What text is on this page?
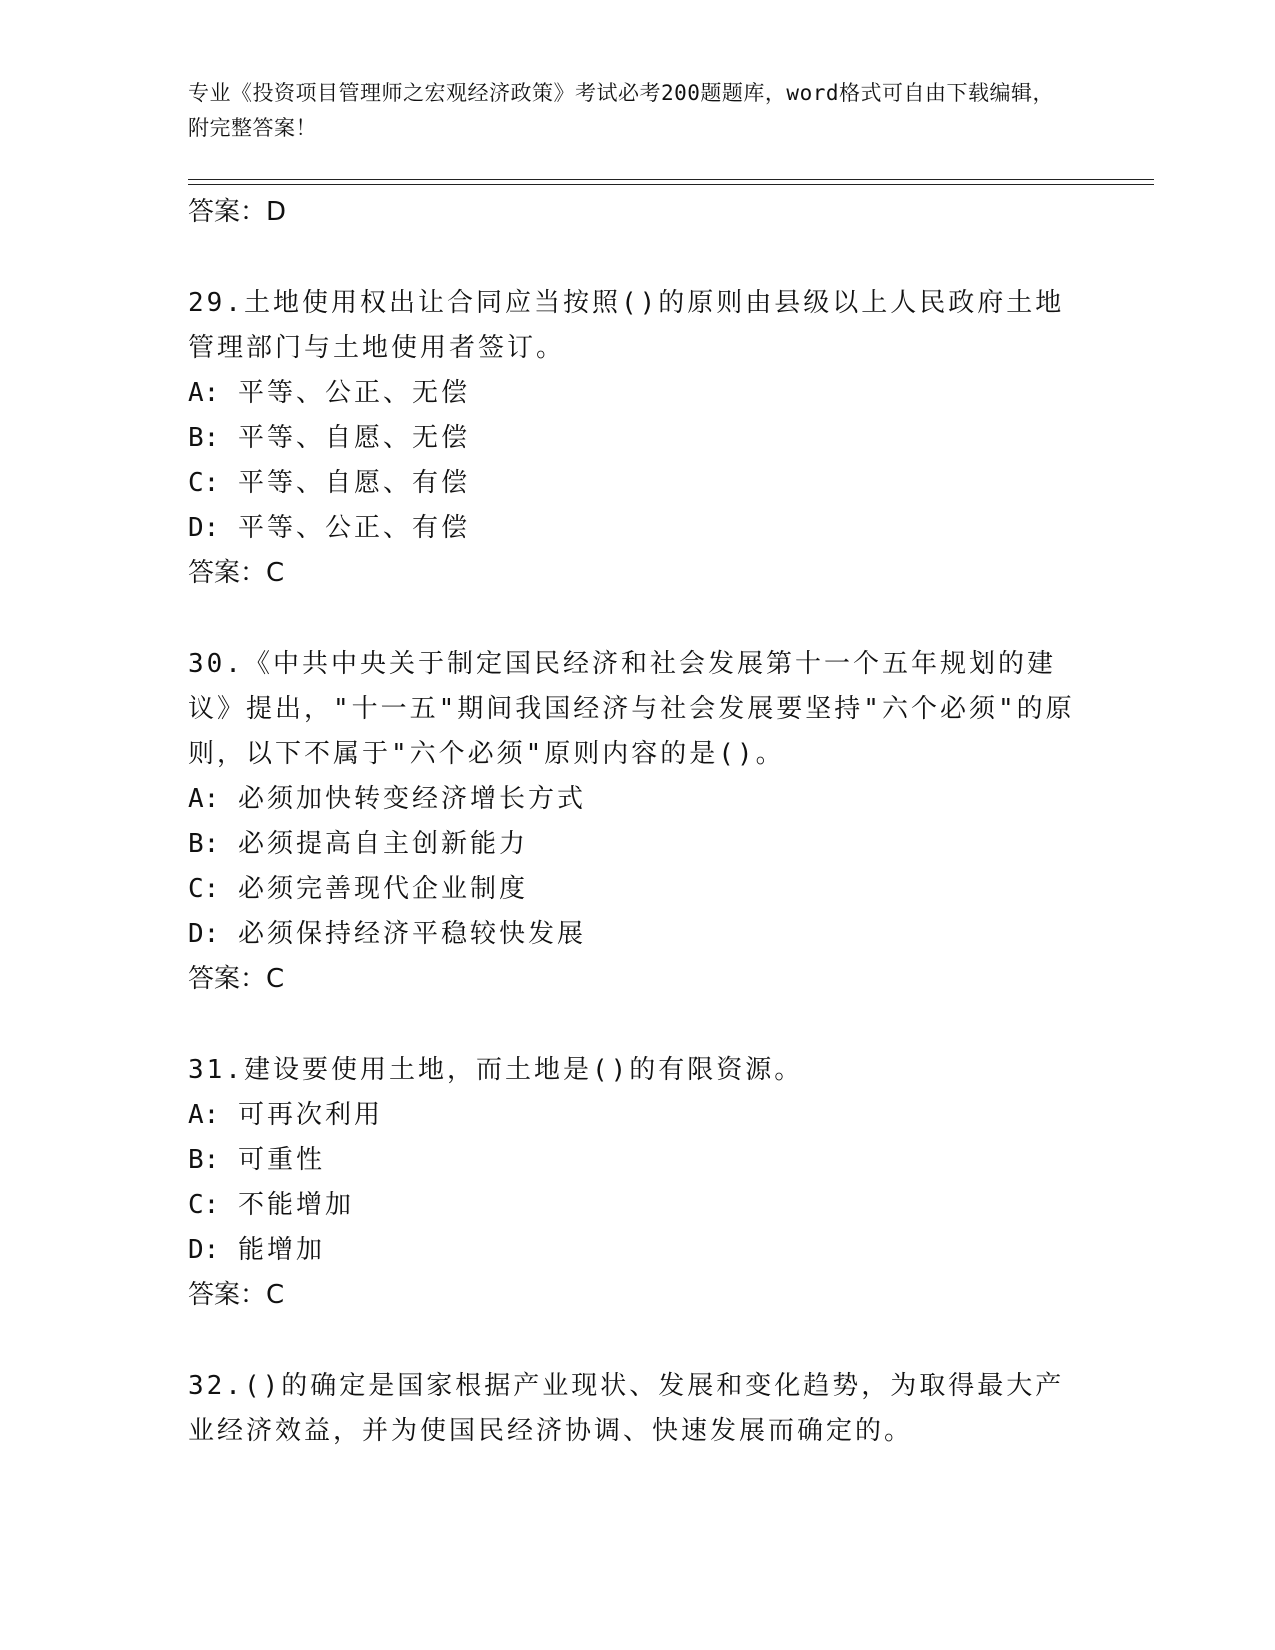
专业《投资项目管理师之宏观经济政策》考试必考200题题库，word格式可自由下载编辑，附完整答案！
答案：D
29.土地使用权出让合同应当按照()的原则由县级以上人民政府土地管理部门与土地使用者签订。
A: 平等、公正、无偿
B: 平等、自愿、无偿
C: 平等、自愿、有偿
D: 平等、公正、有偿
答案：C
30.《中共中央关于制定国民经济和社会发展第十一个五年规划的建议》提出，"十一五"期间我国经济与社会发展要坚持"六个必须"的原则，以下不属于"六个必须"原则内容的是()。
A: 必须加快转变经济增长方式
B: 必须提高自主创新能力
C: 必须完善现代企业制度
D: 必须保持经济平稳较快发展
答案：C
31.建设要使用土地，而土地是()的有限资源。
A: 可再次利用
B: 可重性
C: 不能增加
D: 能增加
答案：C
32.()的确定是国家根据产业现状、发展和变化趋势，为取得最大产业经济效益，并为使国民经济协调、快速发展而确定的。
